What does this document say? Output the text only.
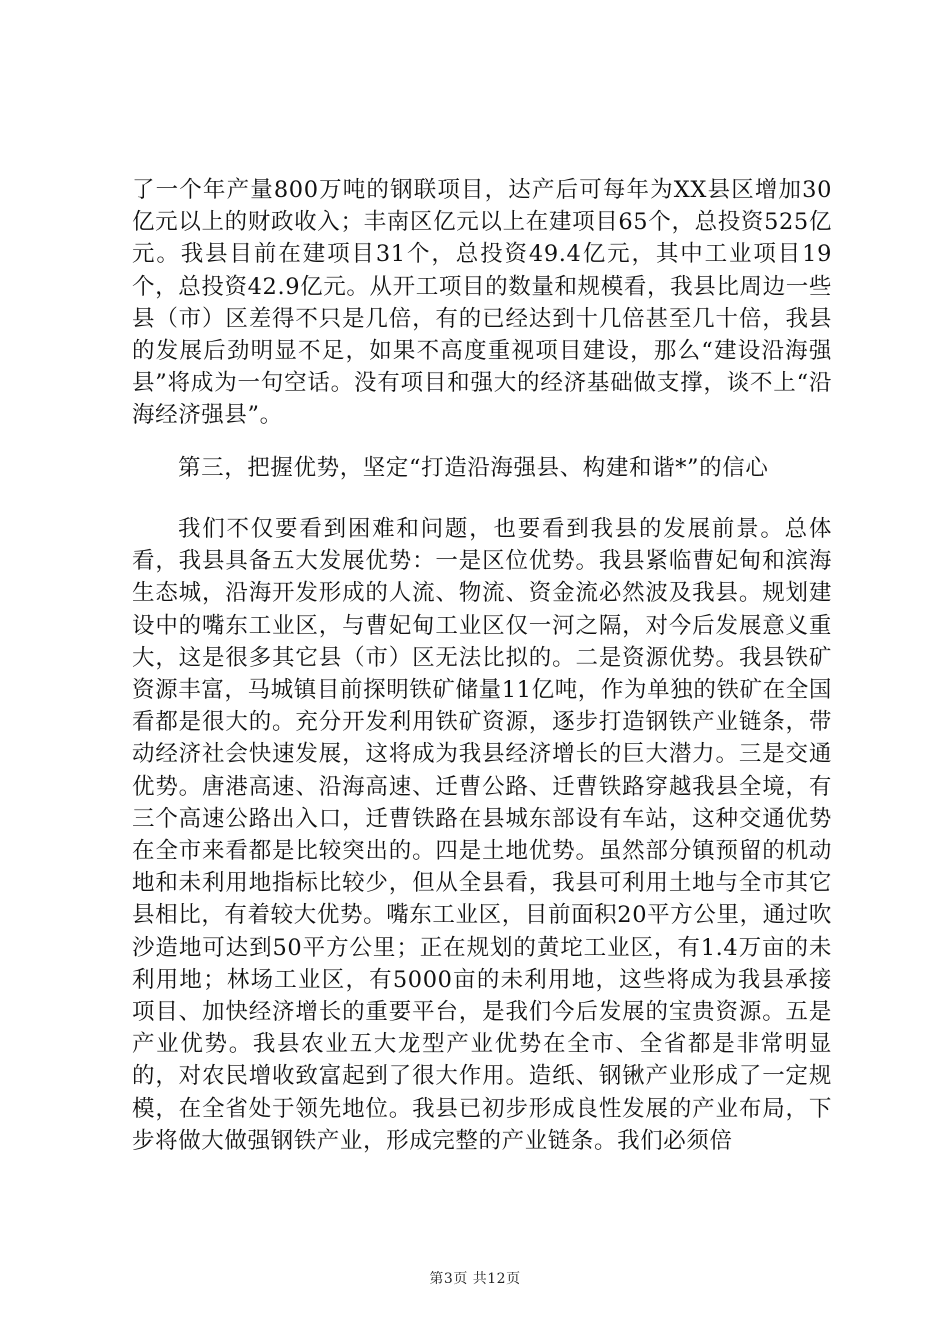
了一个年产量800万吨的钢联项目，达产后可每年为XX县区增加30亿元以上的财政收入；丰南区亿元以上在建项目65个，总投资525亿元。我县目前在建项目31个，总投资49.4亿元，其中工业项目19个，总投资42.9亿元。从开工项目的数量和规模看，我县比周边一些县（市）区差得不只是几倍，有的已经达到十几倍甚至几十倍，我县的发展后劲明显不足，如果不高度重视项目建设，那么“建设沿海强县”将成为一句空话。没有项目和强大的经济基础做支撑，谈不上“沿海经济强县”。

第三，把握优势，坚定“打造沿海强县、构建和谐*”的信心

我们不仅要看到困难和问题，也要看到我县的发展前景。总体看，我县具备五大发展优势：一是区位优势。我县紧临曹妃甸和滨海生态城，沿海开发形成的人流、物流、资金流必然波及我县。规划建设中的嘴东工业区，与曹妃甸工业区仅一河之隔，对今后发展意义重大，这是很多其它县（市）区无法比拟的。二是资源优势。我县铁矿资源丰富，马城镇目前探明铁矿储量11亿吨，作为单独的铁矿在全国看都是很大的。充分开发利用铁矿资源，逐步打造钢铁产业链条，带动经济社会快速发展，这将成为我县经济增长的巨大潜力。三是交通优势。唐港高速、沿海高速、迁曹公路、迁曹铁路穿越我县全境，有三个高速公路出入口，迁曹铁路在县城东部设有车站，这种交通优势在全市来看都是比较突出的。四是土地优势。虽然部分镇预留的机动地和未利用地指标比较少，但从全县看，我县可利用土地与全市其它县相比，有着较大优势。嘴东工业区，目前面积20平方公里，通过吹沙造地可达到50平方公里；正在规划的黄坨工业区，有1.4万亩的未利用地；林场工业区，有5000亩的未利用地，这些将成为我县承接项目、加快经济增长的重要平台，是我们今后发展的宝贵资源。五是产业优势。我县农业五大龙型产业优势在全市、全省都是非常明显的，对农民增收致富起到了很大作用。造纸、钢锹产业形成了一定规模，在全省处于领先地位。我县已初步形成良性发展的产业布局，下步将做大做强钢铁产业，形成完整的产业链条。我们必须倍

第3页 共12页
